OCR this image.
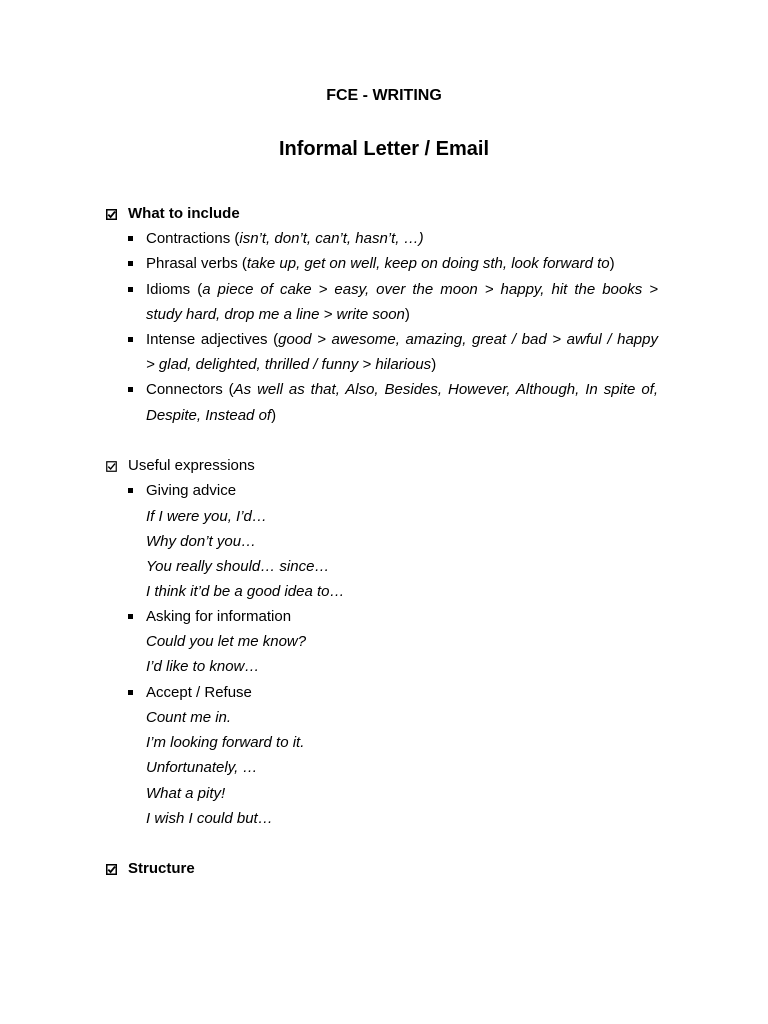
FCE - WRITING
Informal Letter / Email
What to include
Contractions (isn’t, don’t, can’t, hasn’t, …)
Phrasal verbs (take up, get on well, keep on doing sth, look forward to)
Idioms (a piece of cake > easy, over the moon > happy, hit the books >
study hard, drop me a line > write soon)
Intense adjectives (good > awesome, amazing, great / bad > awful / happy
> glad, delighted, thrilled / funny > hilarious)
Connectors (As well as that, Also, Besides, However, Although, In spite of,
Despite, Instead of)
Useful expressions
Giving advice
If I were you, I’d…
Why don’t you…
You really should… since…
I think it’d be a good idea to…
Asking for information
Could you let me know?
I’d like to know…
Accept / Refuse
Count me in.
I’m looking forward to it.
Unfortunately, …
What a pity!
I wish I could but…
Structure
